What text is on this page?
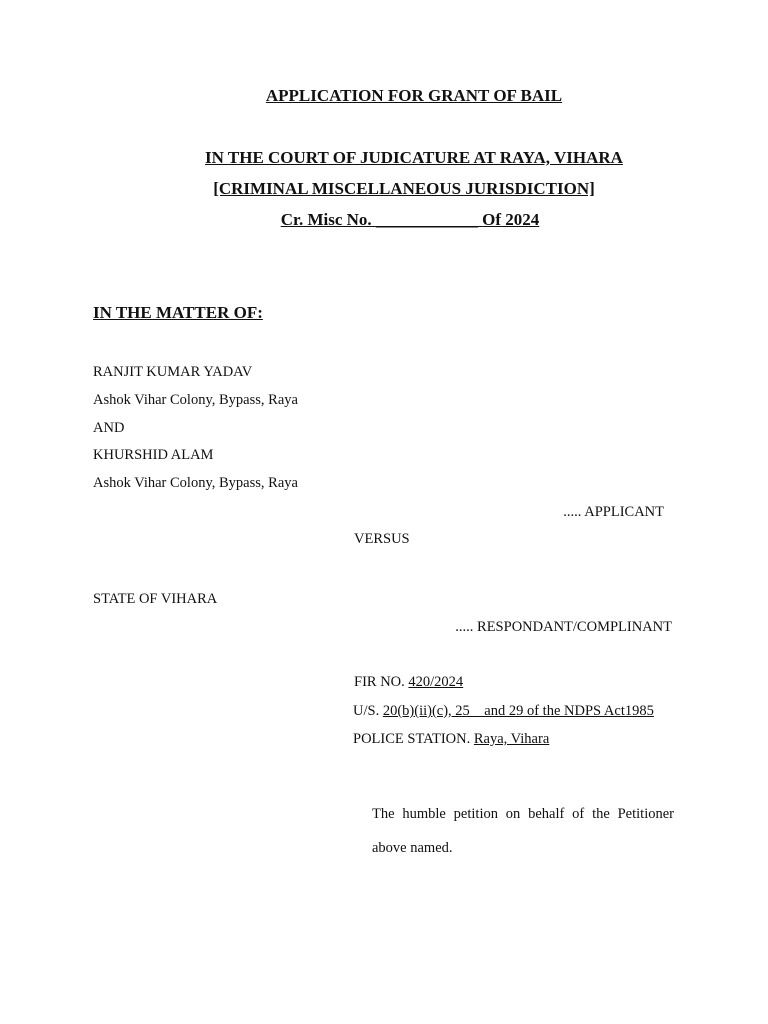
APPLICATION FOR GRANT OF BAIL
IN THE COURT OF JUDICATURE AT RAYA, VIHARA
[CRIMINAL MISCELLANEOUS JURISDICTION]
Cr. Misc No. ____________ Of 2024
IN THE MATTER OF:
RANJIT KUMAR YADAV
Ashok Vihar Colony, Bypass, Raya
AND
KHURSHID ALAM
Ashok Vihar Colony, Bypass, Raya
..... APPLICANT
VERSUS
STATE OF VIHARA
..... RESPONDANT/COMPLINANT
FIR NO. 420/2024
U/S. 20(b)(ii)(c), 25    and 29 of the NDPS Act1985
POLICE STATION. Raya, Vihara
The humble petition on behalf of the Petitioner above named.
